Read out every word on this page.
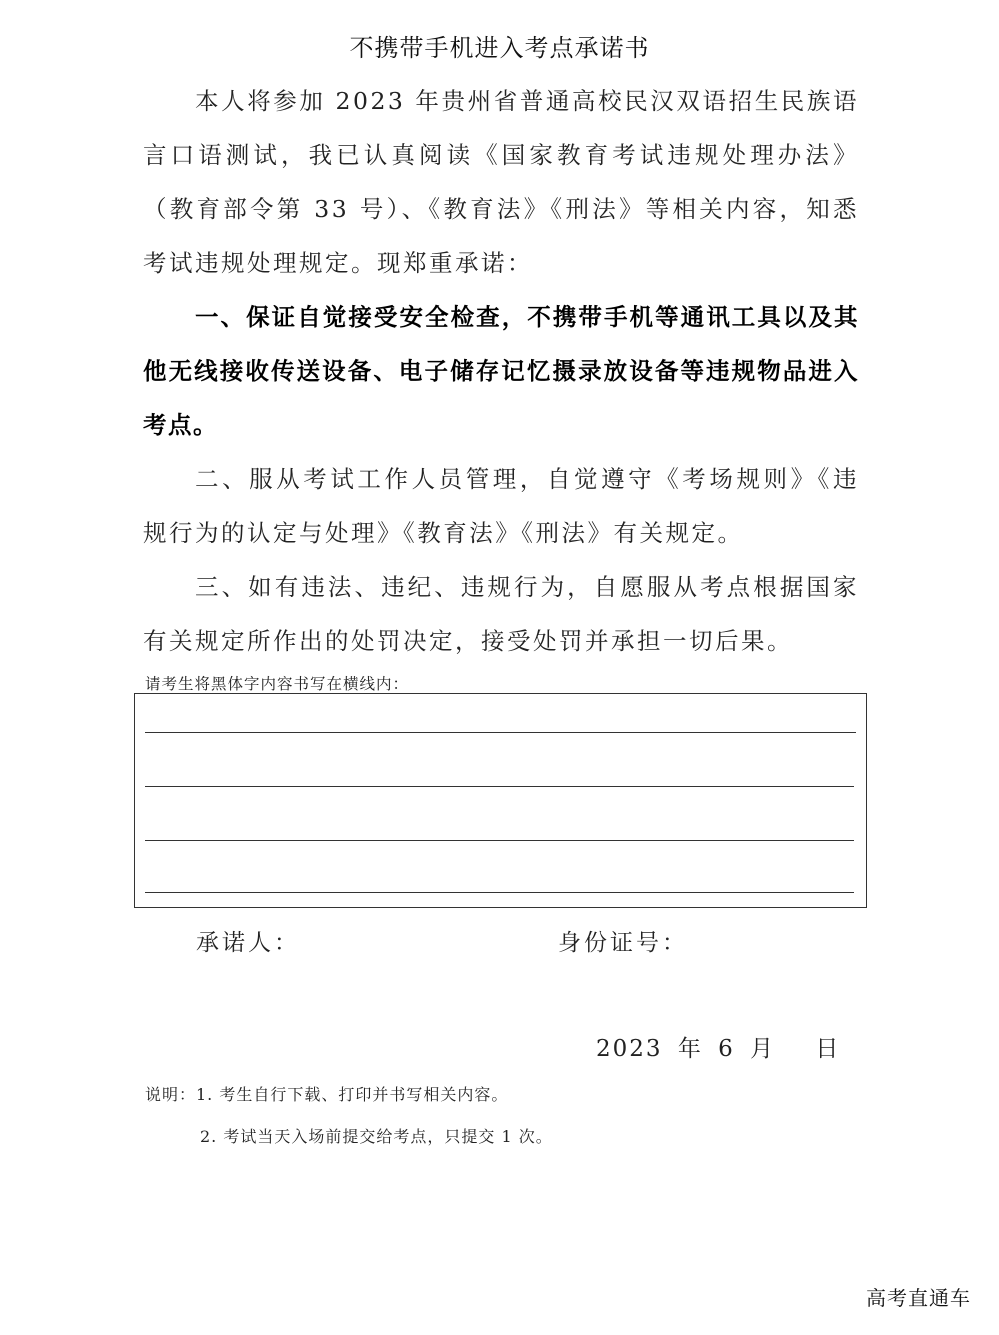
不携带手机进入考点承诺书
本人将参加 2023 年贵州省普通高校民汉双语招生民族语言口语测试，我已认真阅读《国家教育考试违规处理办法》（教育部令第 33 号）、《教育法》《刑法》等相关内容，知悉考试违规处理规定。现郑重承诺：
一、保证自觉接受安全检查，不携带手机等通讯工具以及其他无线接收传送设备、电子储存记忆摄录放设备等违规物品进入考点。
二、服从考试工作人员管理，自觉遵守《考场规则》《违规行为的认定与处理》《教育法》《刑法》有关规定。
三、如有违法、违纪、违规行为，自愿服从考点根据国家有关规定所作出的处罚决定，接受处罚并承担一切后果。
请考生将黑体字内容书写在横线内：
承诺人：	身份证号：
2023 年 6 月　 日
说明：1. 考生自行下载、打印并书写相关内容。
2. 考试当天入场前提交给考点，只提交 1 次。
高考直通车
